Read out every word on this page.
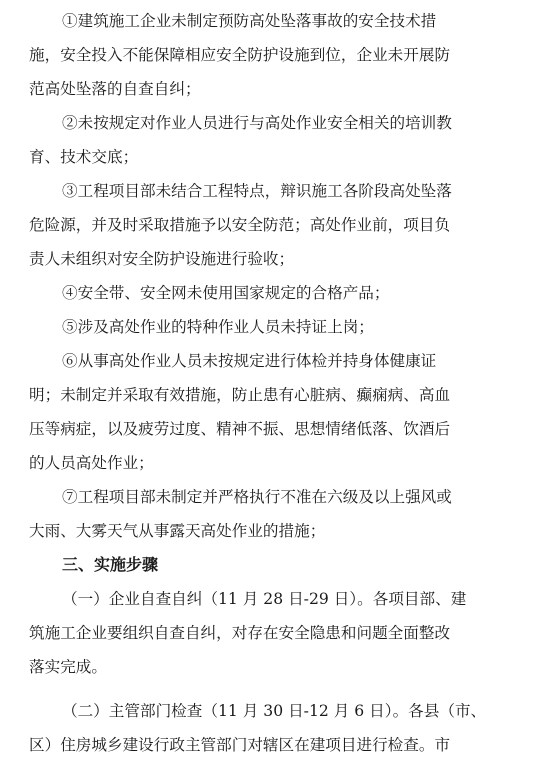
①建筑施工企业未制定预防高处坠落事故的安全技术措
施，安全投入不能保障相应安全防护设施到位，企业未开展防
范高处坠落的自查自纠；
②未按规定对作业人员进行与高处作业安全相关的培训教
育、技术交底；
③工程项目部未结合工程特点，辩识施工各阶段高处坠落
危险源，并及时采取措施予以安全防范；高处作业前，项目负
责人未组织对安全防护设施进行验收；
④安全带、安全网未使用国家规定的合格产品；
⑤涉及高处作业的特种作业人员未持证上岗；
⑥从事高处作业人员未按规定进行体检并持身体健康证
明；未制定并采取有效措施，防止患有心脏病、癫痫病、高血
压等病症，以及疲劳过度、精神不振、思想情绪低落、饮酒后
的人员高处作业；
⑦工程项目部未制定并严格执行不准在六级及以上强风或
大雨、大雾天气从事露天高处作业的措施；
三、实施步骤
（一）企业自查自纠（11 月 28 日-29 日）。各项目部、建
筑施工企业要组织自查自纠，对存在安全隐患和问题全面整改
落实完成。
（二）主管部门检查（11 月 30 日-12 月 6 日）。各县（市、
区）住房城乡建设行政主管部门对辖区在建项目进行检查。市
